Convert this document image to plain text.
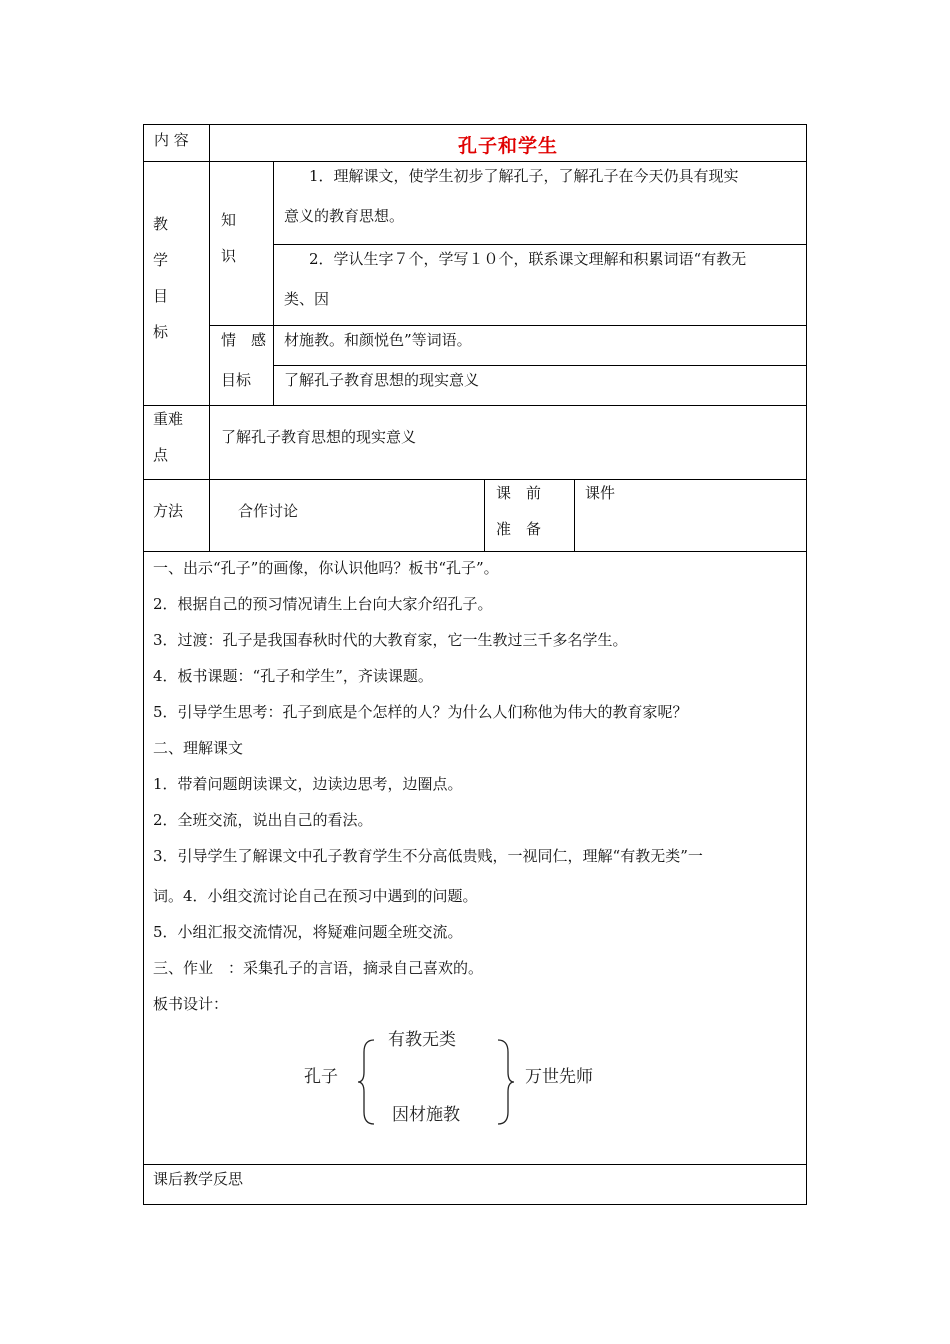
内 容	孔子和学生
教
学
目
标
知
识
1．理解课文，使学生初步了解孔子，了解孔子在今天仍具有现实
意义的教育思想。
2．学认生字７个，学写１０个，联系课文理解和积累词语“有教无
类、因
情　感 材施教。和颜悦色”等词语。
目标 了解孔子教育思想的现实意义
重难
点
了解孔子教育思想的现实意义
方法	合作讨论
课　前
准　备
课件
一、出示“孔子”的画像，你认识他吗？板书“孔子”。
2．根据自己的预习情况请生上台向大家介绍孔子。
3．过渡：孔子是我国春秋时代的大教育家，它一生教过三千多名学生。
4．板书课题：“孔子和学生”，齐读课题。
5．引导学生思考：孔子到底是个怎样的人？为什么人们称他为伟大的教育家呢？
二、理解课文
1．带着问题朗读课文，边读边思考，边圈点。
2．全班交流，说出自己的看法。
3．引导学生了解课文中孔子教育学生不分高低贵贱，一视同仁，理解“有教无类”一
词。4．小组交流讨论自己在预习中遇到的问题。
5．小组汇报交流情况，将疑难问题全班交流。
三、作业　：采集孔子的言语，摘录自己喜欢的。
板书设计：
孔子
有教无类
因材施教
万世先师
课后教学反思
